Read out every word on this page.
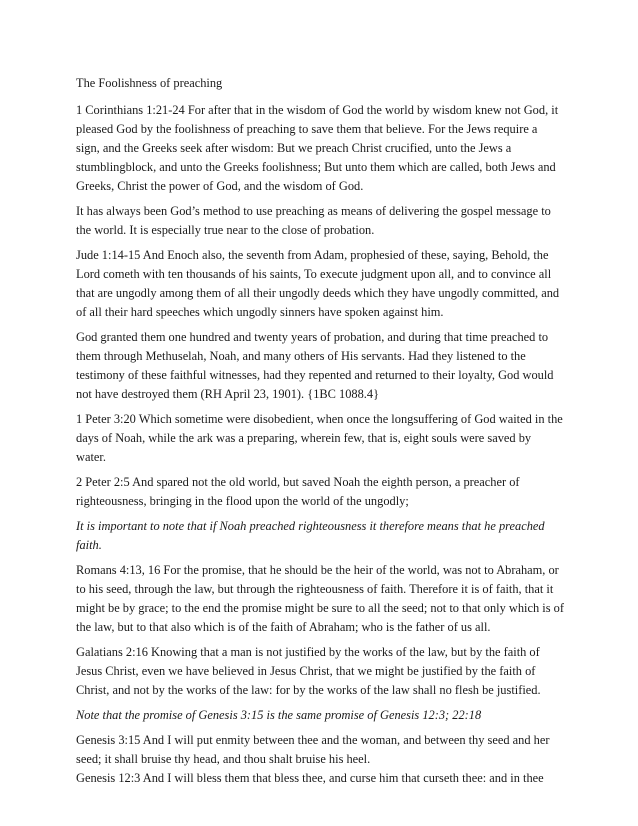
The Foolishness of preaching

1 Corinthians 1:21-24 For after that in the wisdom of God the world by wisdom knew not God, it pleased God by the foolishness of preaching to save them that believe. For the Jews require a sign, and the Greeks seek after wisdom: But we preach Christ crucified, unto the Jews a stumblingblock, and unto the Greeks foolishness; But unto them which are called, both Jews and Greeks, Christ the power of God, and the wisdom of God.

It has always been God’s method to use preaching as means of delivering the gospel message to the world. It is especially true near to the close of probation.

Jude 1:14-15 And Enoch also, the seventh from Adam, prophesied of these, saying, Behold, the Lord cometh with ten thousands of his saints, To execute judgment upon all, and to convince all that are ungodly among them of all their ungodly deeds which they have ungodly committed, and of all their hard speeches which ungodly sinners have spoken against him.

God granted them one hundred and twenty years of probation, and during that time preached to them through Methuselah, Noah, and many others of His servants. Had they listened to the testimony of these faithful witnesses, had they repented and returned to their loyalty, God would not have destroyed them (RH April 23, 1901). {1BC 1088.4}

1 Peter 3:20 Which sometime were disobedient, when once the longsuffering of God waited in the days of Noah, while the ark was a preparing, wherein few, that is, eight souls were saved by water.

2 Peter 2:5 And spared not the old world, but saved Noah the eighth person, a preacher of righteousness, bringing in the flood upon the world of the ungodly;

It is important to note that if Noah preached righteousness it therefore means that he preached faith.

Romans 4:13, 16 For the promise, that he should be the heir of the world, was not to Abraham, or to his seed, through the law, but through the righteousness of faith. Therefore it is of faith, that it might be by grace; to the end the promise might be sure to all the seed; not to that only which is of the law, but to that also which is of the faith of Abraham; who is the father of us all.

Galatians 2:16 Knowing that a man is not justified by the works of the law, but by the faith of Jesus Christ, even we have believed in Jesus Christ, that we might be justified by the faith of Christ, and not by the works of the law: for by the works of the law shall no flesh be justified.

Note that the promise of Genesis 3:15 is the same promise of Genesis 12:3; 22:18

Genesis 3:15 And I will put enmity between thee and the woman, and between thy seed and her seed; it shall bruise thy head, and thou shalt bruise his heel.

Genesis 12:3 And I will bless them that bless thee, and curse him that curseth thee: and in thee
